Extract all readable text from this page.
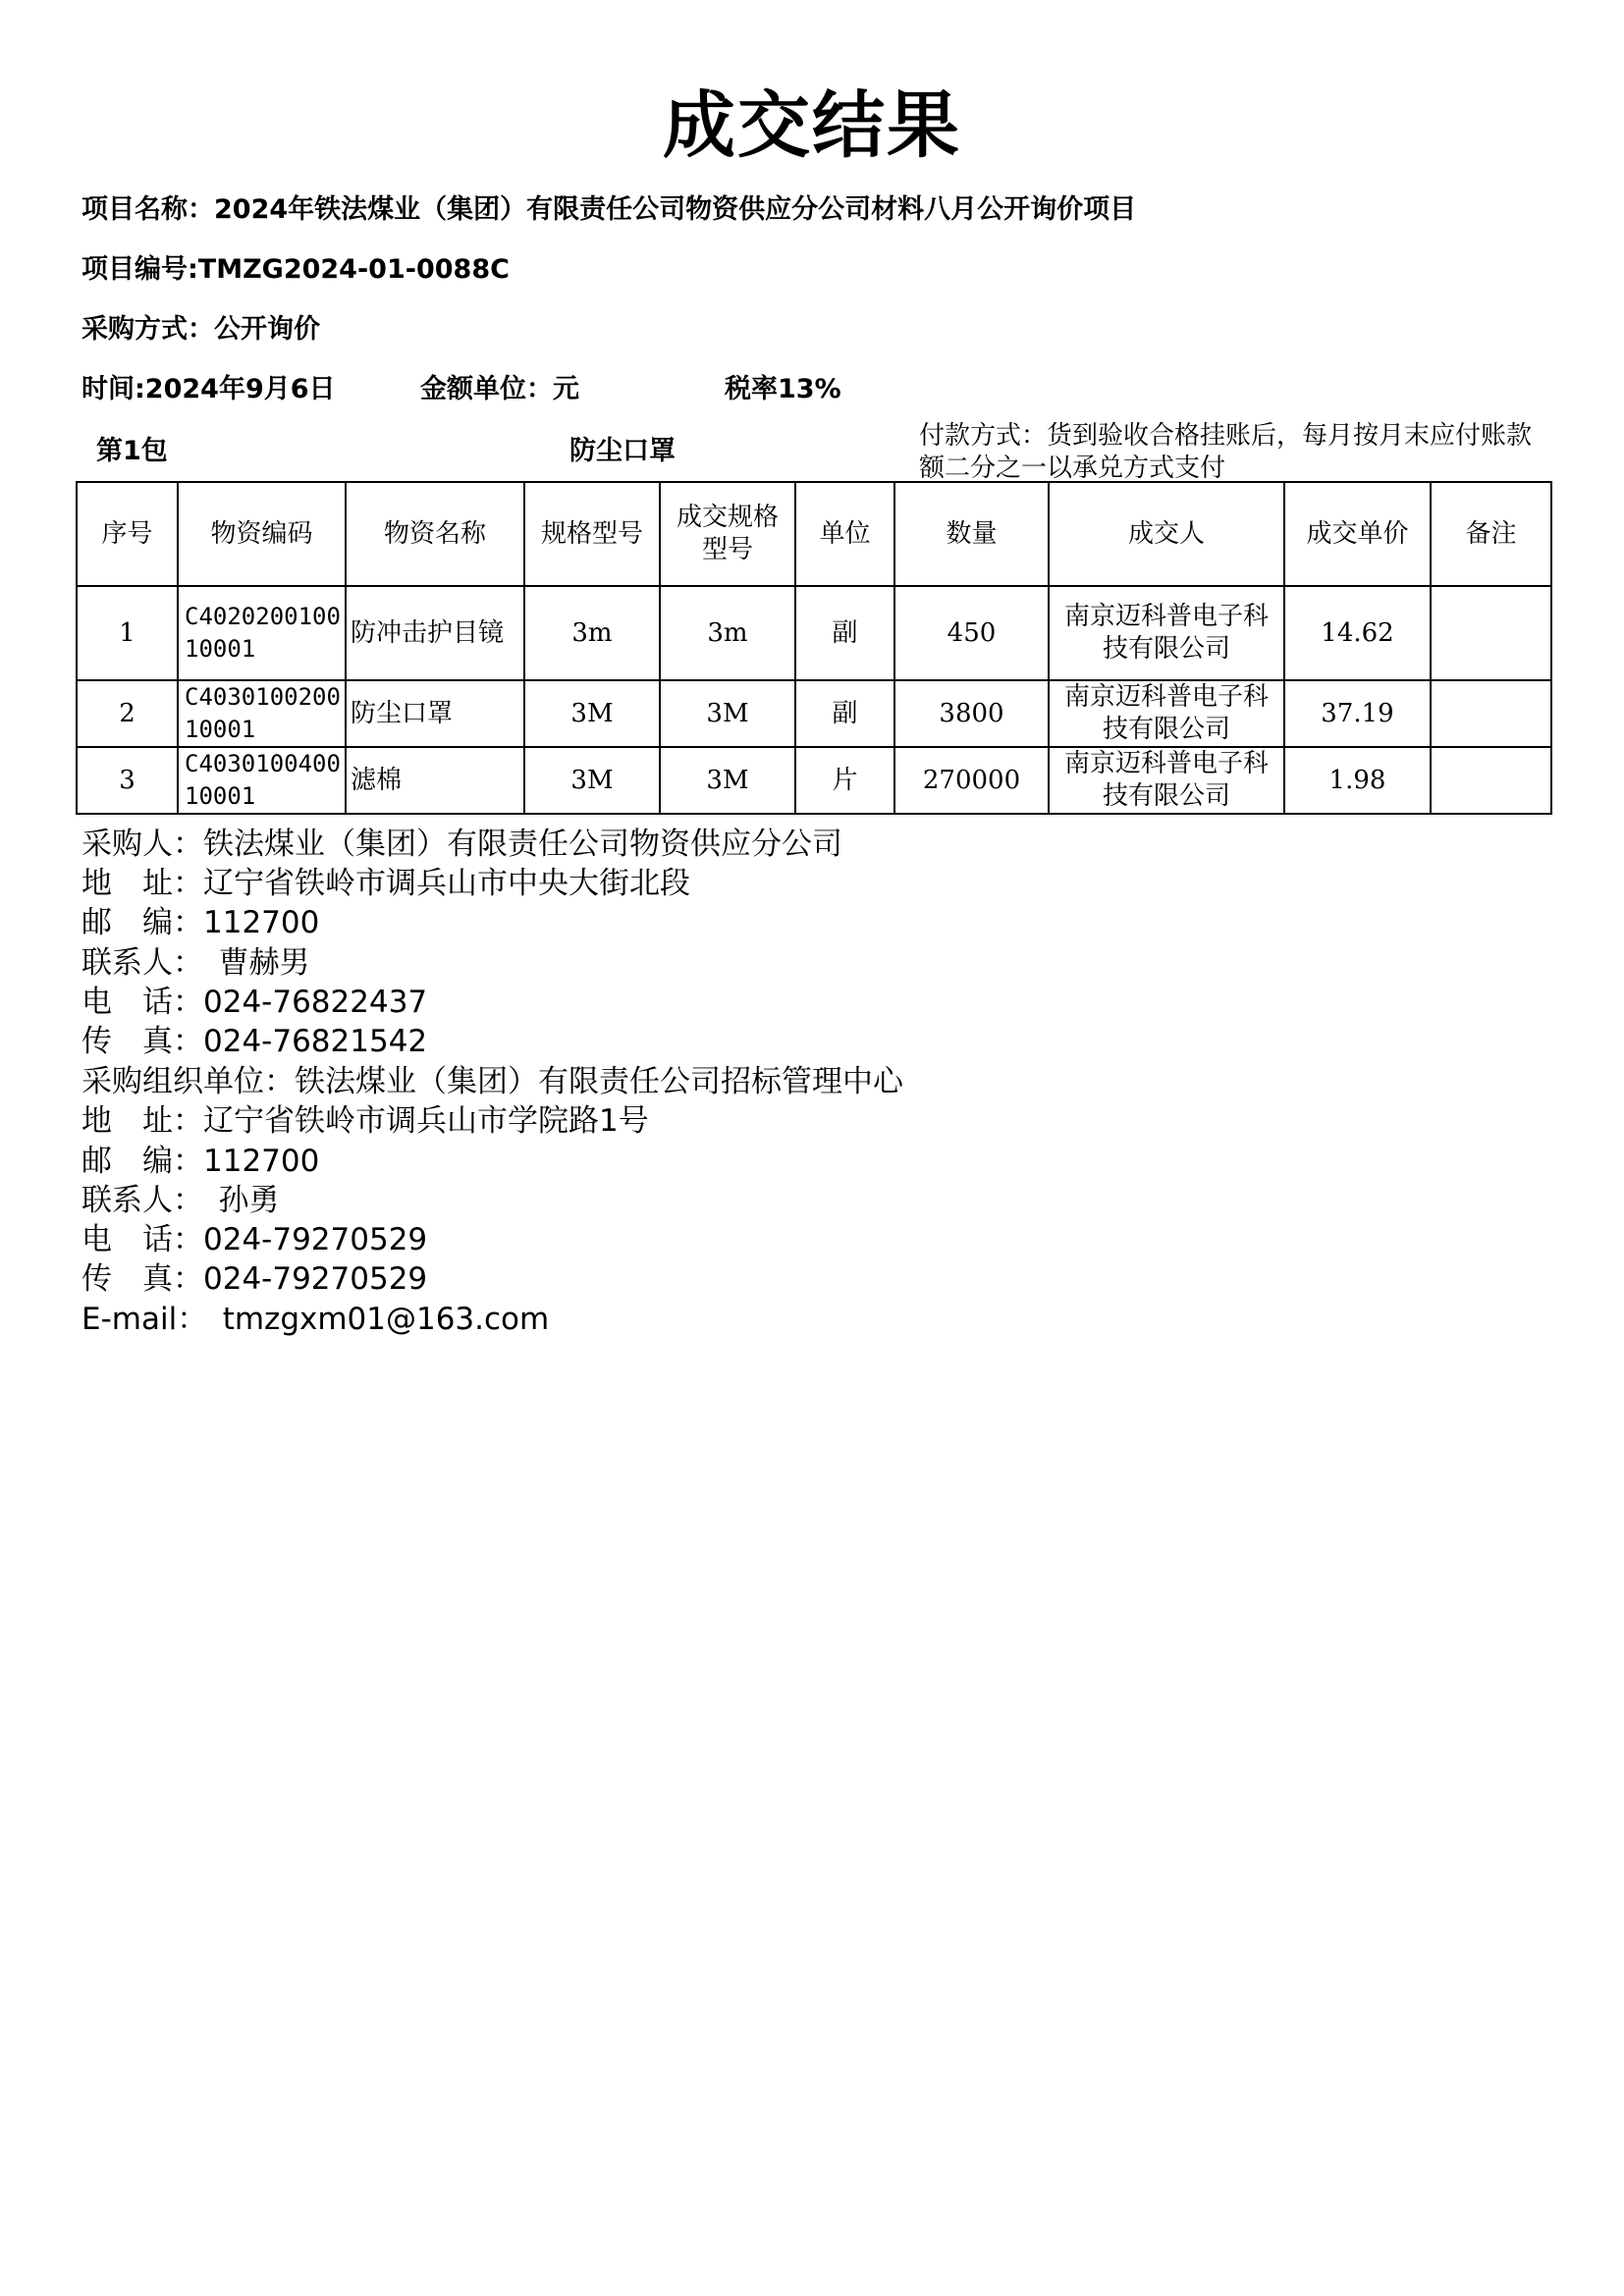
成交结果
项目名称：2024年铁法煤业（集团）有限责任公司物资供应分公司材料八月公开询价项目
项目编号:TMZG2024-01-0088C
采购方式：公开询价
时间:2024年9月6日	金额单位：元	税率13%
第1包	防尘口罩	付款方式：货到验收合格挂账后，每月按月末应付账款额二分之一以承兑方式支付
序号	物资编码	物资名称	规格型号	成交规格型号	单位	数量	成交人	成交单价	备注
1	C402020010010001	防冲击护目镜	3m	3m	副	450	南京迈科普电子科技有限公司	14.62	
2	C403010020010001	防尘口罩	3M	3M	副	3800	南京迈科普电子科技有限公司	37.19	
3	C403010040010001	滤棉	3M	3M	片	270000	南京迈科普电子科技有限公司	1.98	
采购人：铁法煤业（集团）有限责任公司物资供应分公司
地　址：辽宁省铁岭市调兵山市中央大街北段
邮　编：112700
联系人：　曹赫男
电　话：024-76822437
传　真：024-76821542
采购组织单位：铁法煤业（集团）有限责任公司招标管理中心
地　址：辽宁省铁岭市调兵山市学院路1号
邮　编：112700
联系人：　孙勇
电　话：024-79270529
传　真：024-79270529
E-mail：　tmzgxm01@163.com
